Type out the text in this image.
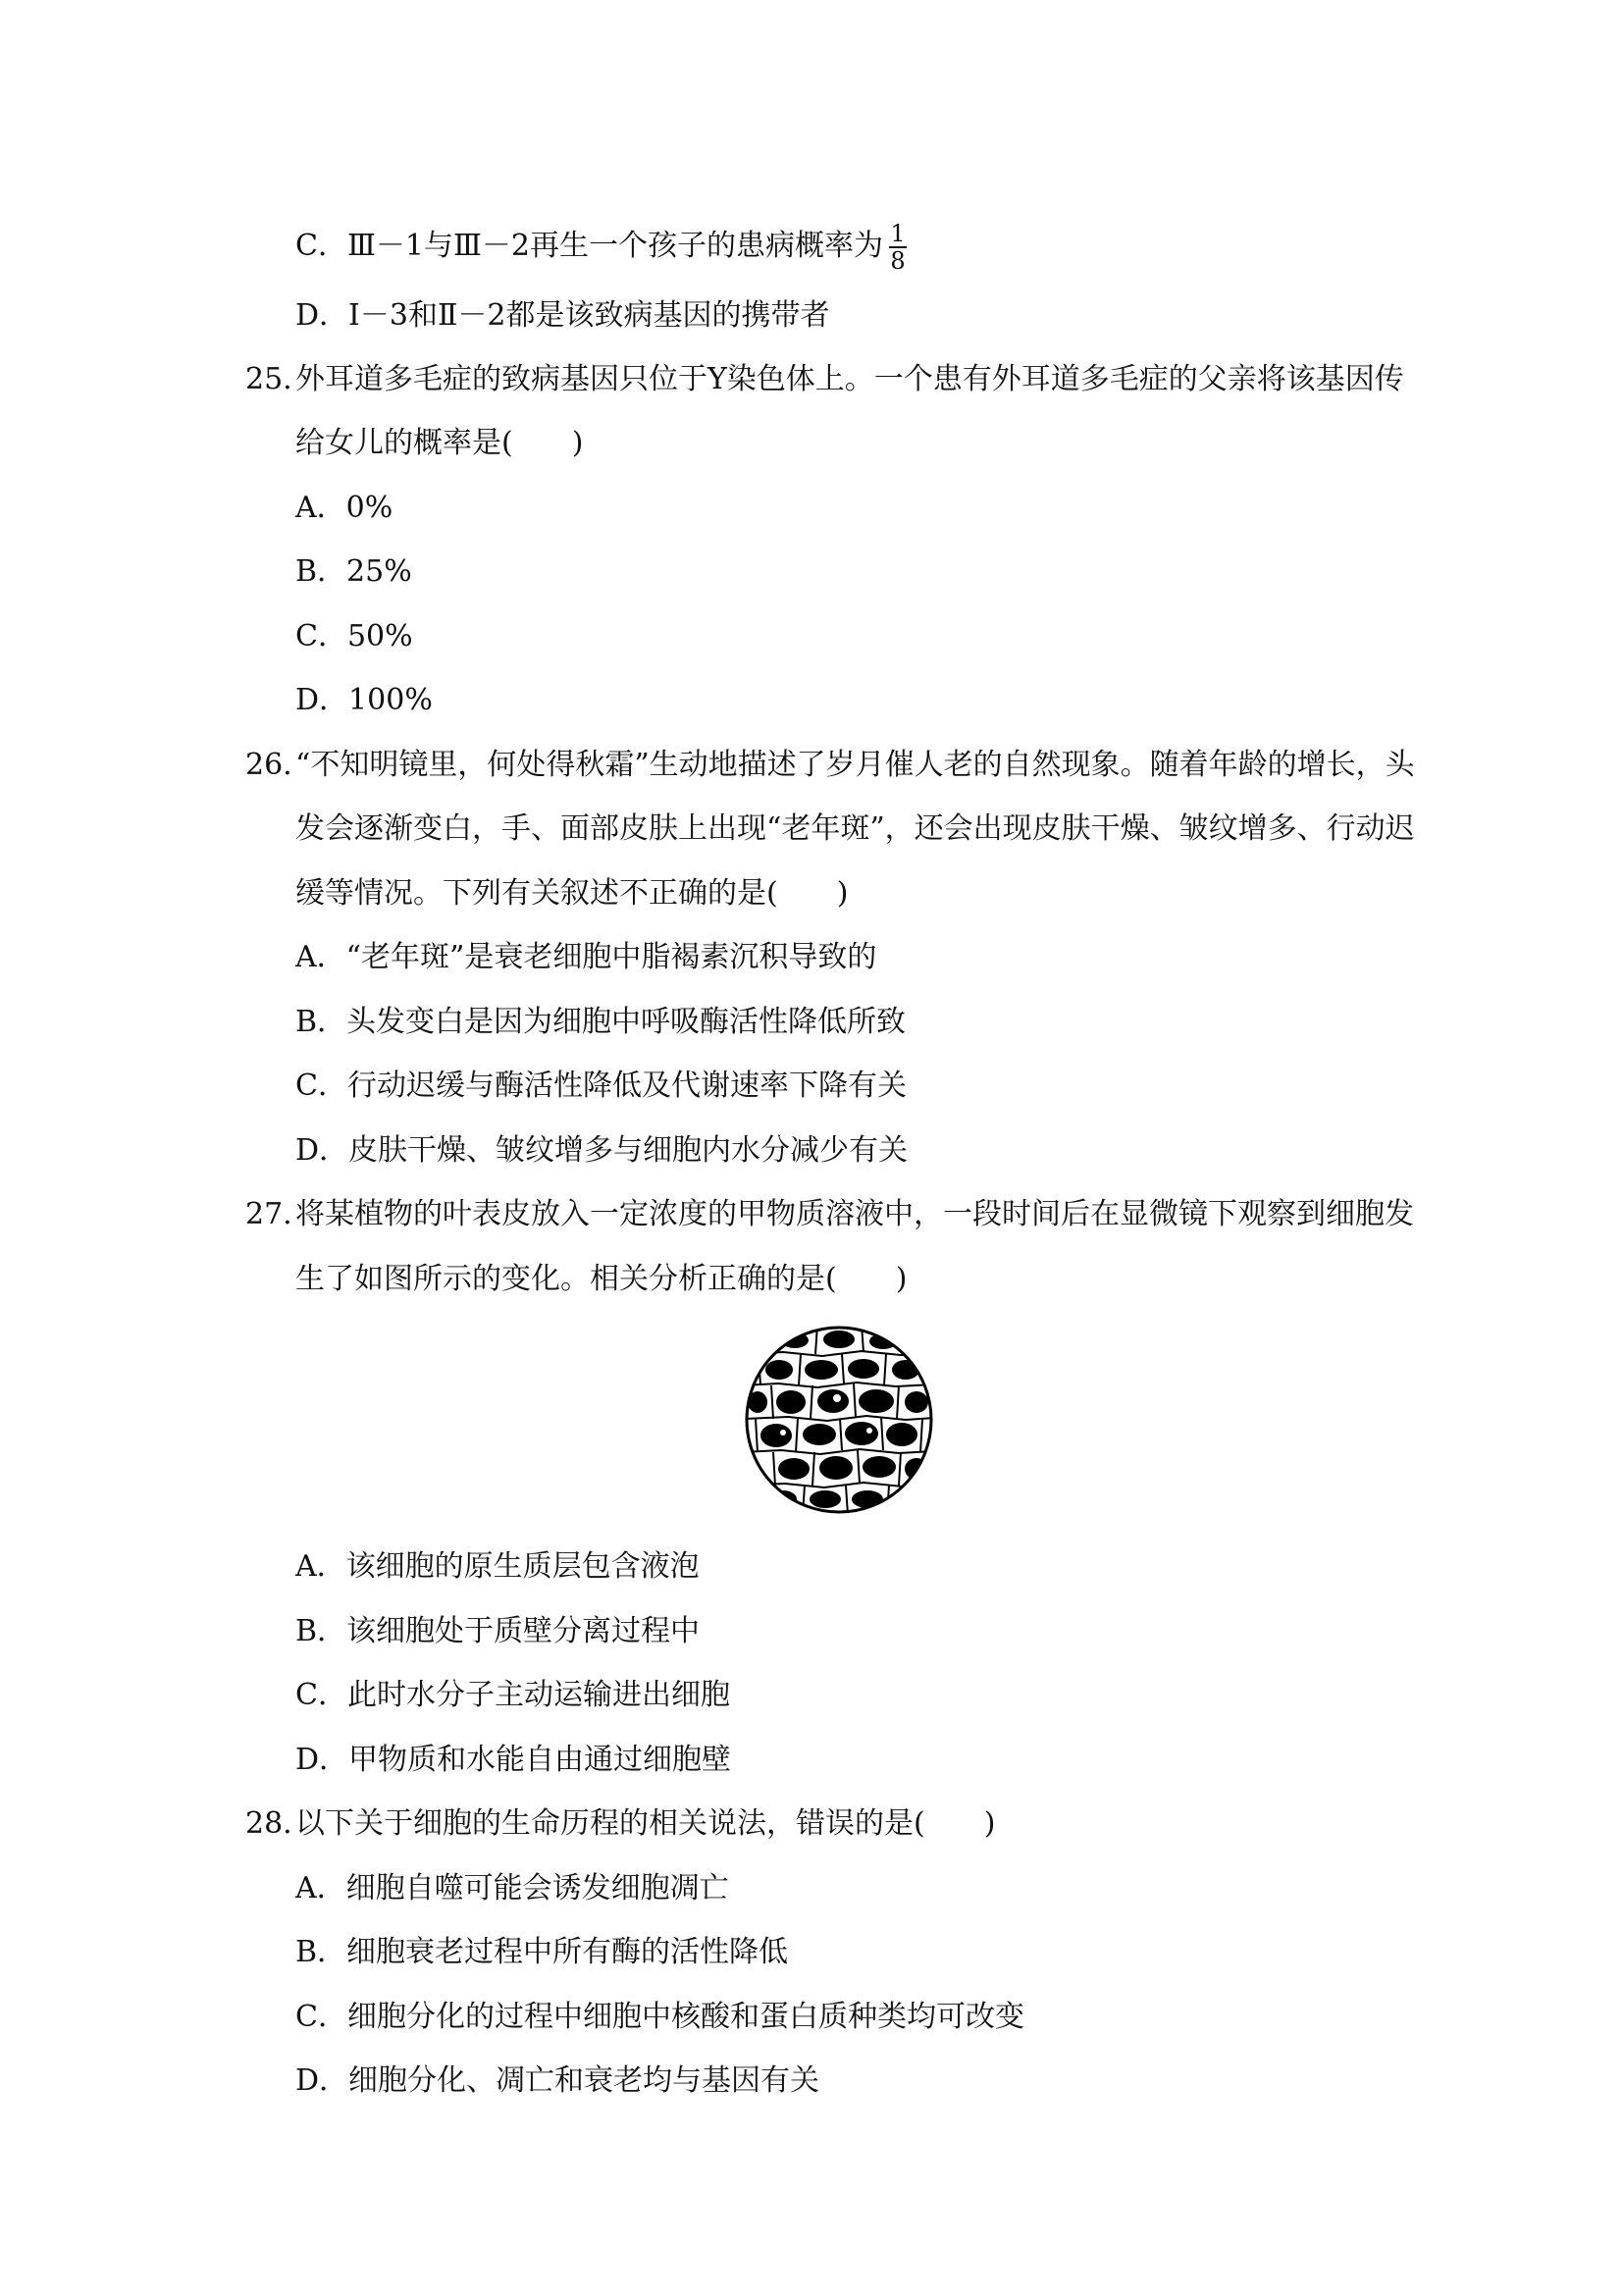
C．Ⅲ－1与Ⅲ－2再生一个孩子的患病概率为 $\frac{1}{8}$
D．Ⅰ－3和Ⅱ－2都是该致病基因的携带者
25. 外耳道多毛症的致病基因只位于Y染色体上。一个患有外耳道多毛症的父亲将该基因传
给女儿的概率是(　　)
A．0%
B．25%
C．50%
D．100%
26. “不知明镜里，何处得秋霜”生动地描述了岁月催人老的自然现象。随着年龄的增长，头
发会逐渐变白，手、面部皮肤上出现“老年斑”，还会出现皮肤干燥、皱纹增多、行动迟
缓等情况。下列有关叙述不正确的是(　　)
A．“老年斑”是衰老细胞中脂褐素沉积导致的
B．头发变白是因为细胞中呼吸酶活性降低所致
C．行动迟缓与酶活性降低及代谢速率下降有关
D．皮肤干燥、皱纹增多与细胞内水分减少有关
27. 将某植物的叶表皮放入一定浓度的甲物质溶液中，一段时间后在显微镜下观察到细胞发
生了如图所示的变化。相关分析正确的是(　　)
A．该细胞的原生质层包含液泡
B．该细胞处于质壁分离过程中
C．此时水分子主动运输进出细胞
D．甲物质和水能自由通过细胞壁
28. 以下关于细胞的生命历程的相关说法，错误的是(　　)
A．细胞自噬可能会诱发细胞凋亡
B．细胞衰老过程中所有酶的活性降低
C．细胞分化的过程中细胞中核酸和蛋白质种类均可改变
D．细胞分化、凋亡和衰老均与基因有关
